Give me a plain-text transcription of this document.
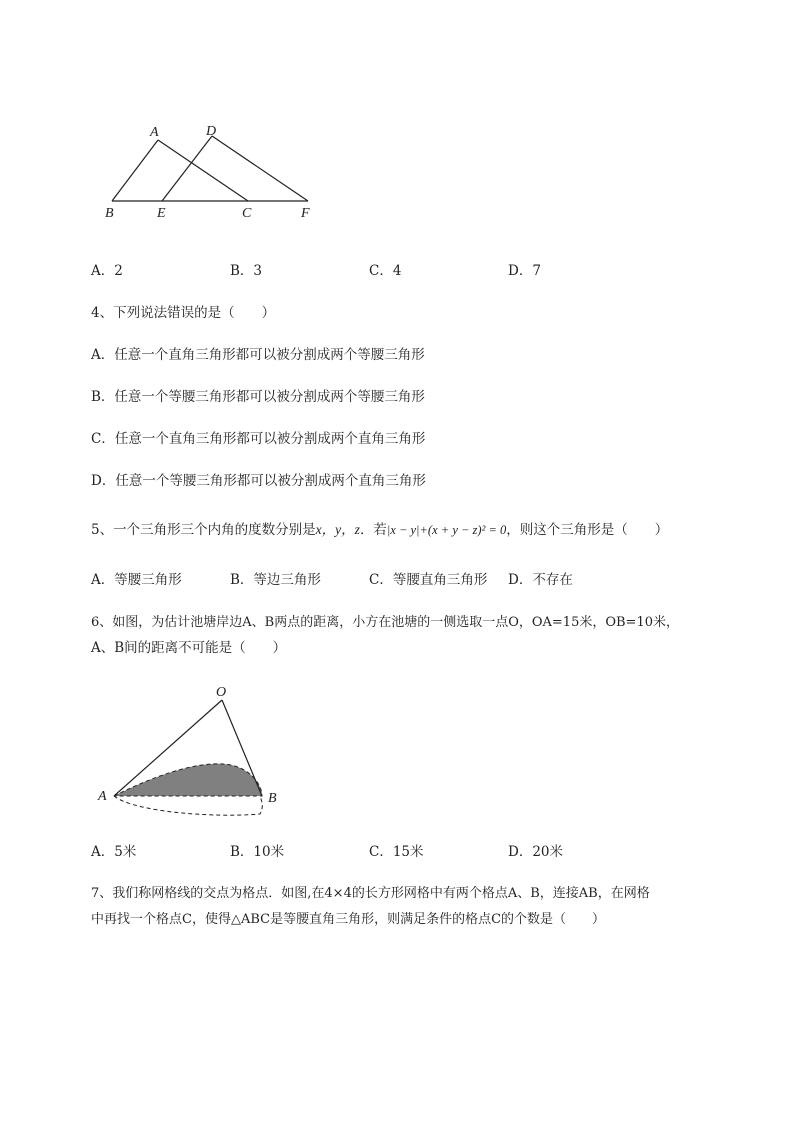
A	D
B	E	C	F
A．2	B．3	C．4	D．7
4、下列说法错误的是（　　）
A．任意一个直角三角形都可以被分割成两个等腰三角形
B．任意一个等腰三角形都可以被分割成两个等腰三角形
C．任意一个直角三角形都可以被分割成两个直角三角形
D．任意一个等腰三角形都可以被分割成两个直角三角形
5、一个三角形三个内角的度数分别是x，y，z．若|x − y|+(x + y − z)² = 0，则这个三角形是（　　）
A．等腰三角形	B．等边三角形	C．等腰直角三角形 D．不存在
6、如图，为估计池塘岸边A、B两点的距离，小方在池塘的一侧选取一点O，OA=15米，OB=10米，
A、B间的距离不可能是（　　）
O
A	B
A．5米	B．10米	C．15米	D．20米
7、我们称网格线的交点为格点．如图,在4×4的长方形网格中有两个格点A、B，连接AB，在网格
中再找一个格点C，使得△ABC是等腰直角三角形，则满足条件的格点C的个数是（　　）
